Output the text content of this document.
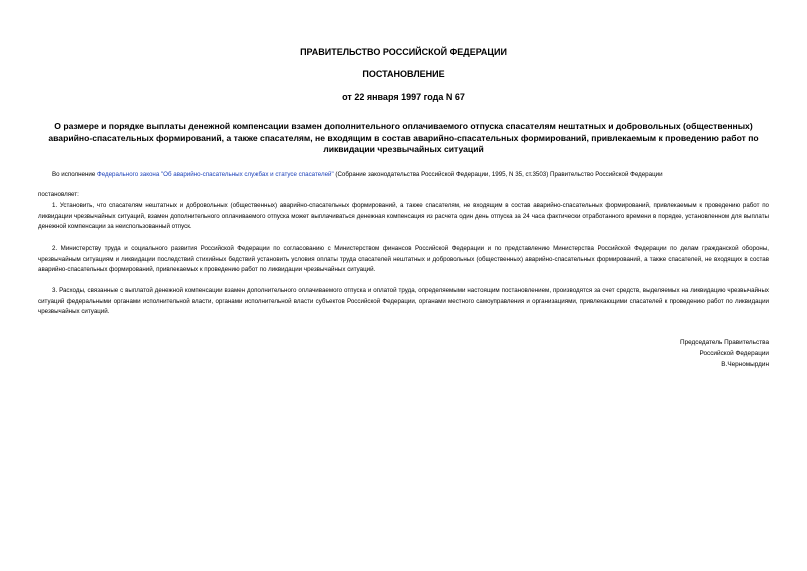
ПРАВИТЕЛЬСТВО РОССИЙСКОЙ ФЕДЕРАЦИИ
ПОСТАНОВЛЕНИЕ
от 22 января 1997 года N 67
О размере и порядке выплаты денежной компенсации взамен дополнительного оплачиваемого отпуска спасателям нештатных и добровольных (общественных) аварийно-спасательных формирований, а также спасателям, не входящим в состав аварийно-спасательных формирований, привлекаемым к проведению работ по ликвидации чрезвычайных ситуаций
Во исполнение Федерального закона "Об аварийно-спасательных службах и статусе спасателей" (Собрание законодательства Российской Федерации, 1995, N 35, ст.3503) Правительство Российской Федерации
постановляет:
1. Установить, что спасателям нештатных и добровольных (общественных) аварийно-спасательных формирований, а также спасателям, не входящим в состав аварийно-спасательных формирований, привлекаемым к проведению работ по ликвидации чрезвычайных ситуаций, взамен дополнительного оплачиваемого отпуска может выплачиваться денежная компенсация из расчета один день отпуска за 24 часа фактически отработанного времени в порядке, установленном для выплаты денежной компенсации за неиспользованный отпуск.
2. Министерству труда и социального развития Российской Федерации по согласованию с Министерством финансов Российской Федерации и по представлению Министерства Российской Федерации по делам гражданской обороны, чрезвычайным ситуациям и ликвидации последствий стихийных бедствий установить условия оплаты труда спасателей нештатных и добровольных (общественных) аварийно-спасательных формирований, а также спасателей, не входящих в состав аварийно-спасательных формирований, привлекаемых к проведению работ по ликвидации чрезвычайных ситуаций.
3. Расходы, связанные с выплатой денежной компенсации взамен дополнительного оплачиваемого отпуска и оплатой труда, определяемыми настоящим постановлением, производятся за счет средств, выделяемых на ликвидацию чрезвычайных ситуаций федеральными органами исполнительной власти, органами исполнительной власти субъектов Российской Федерации, органами местного самоуправления и организациями, привлекающими спасателей к проведению работ по ликвидации чрезвычайных ситуаций.
Председатель Правительства
Российской Федерации
В.Черномырдин
